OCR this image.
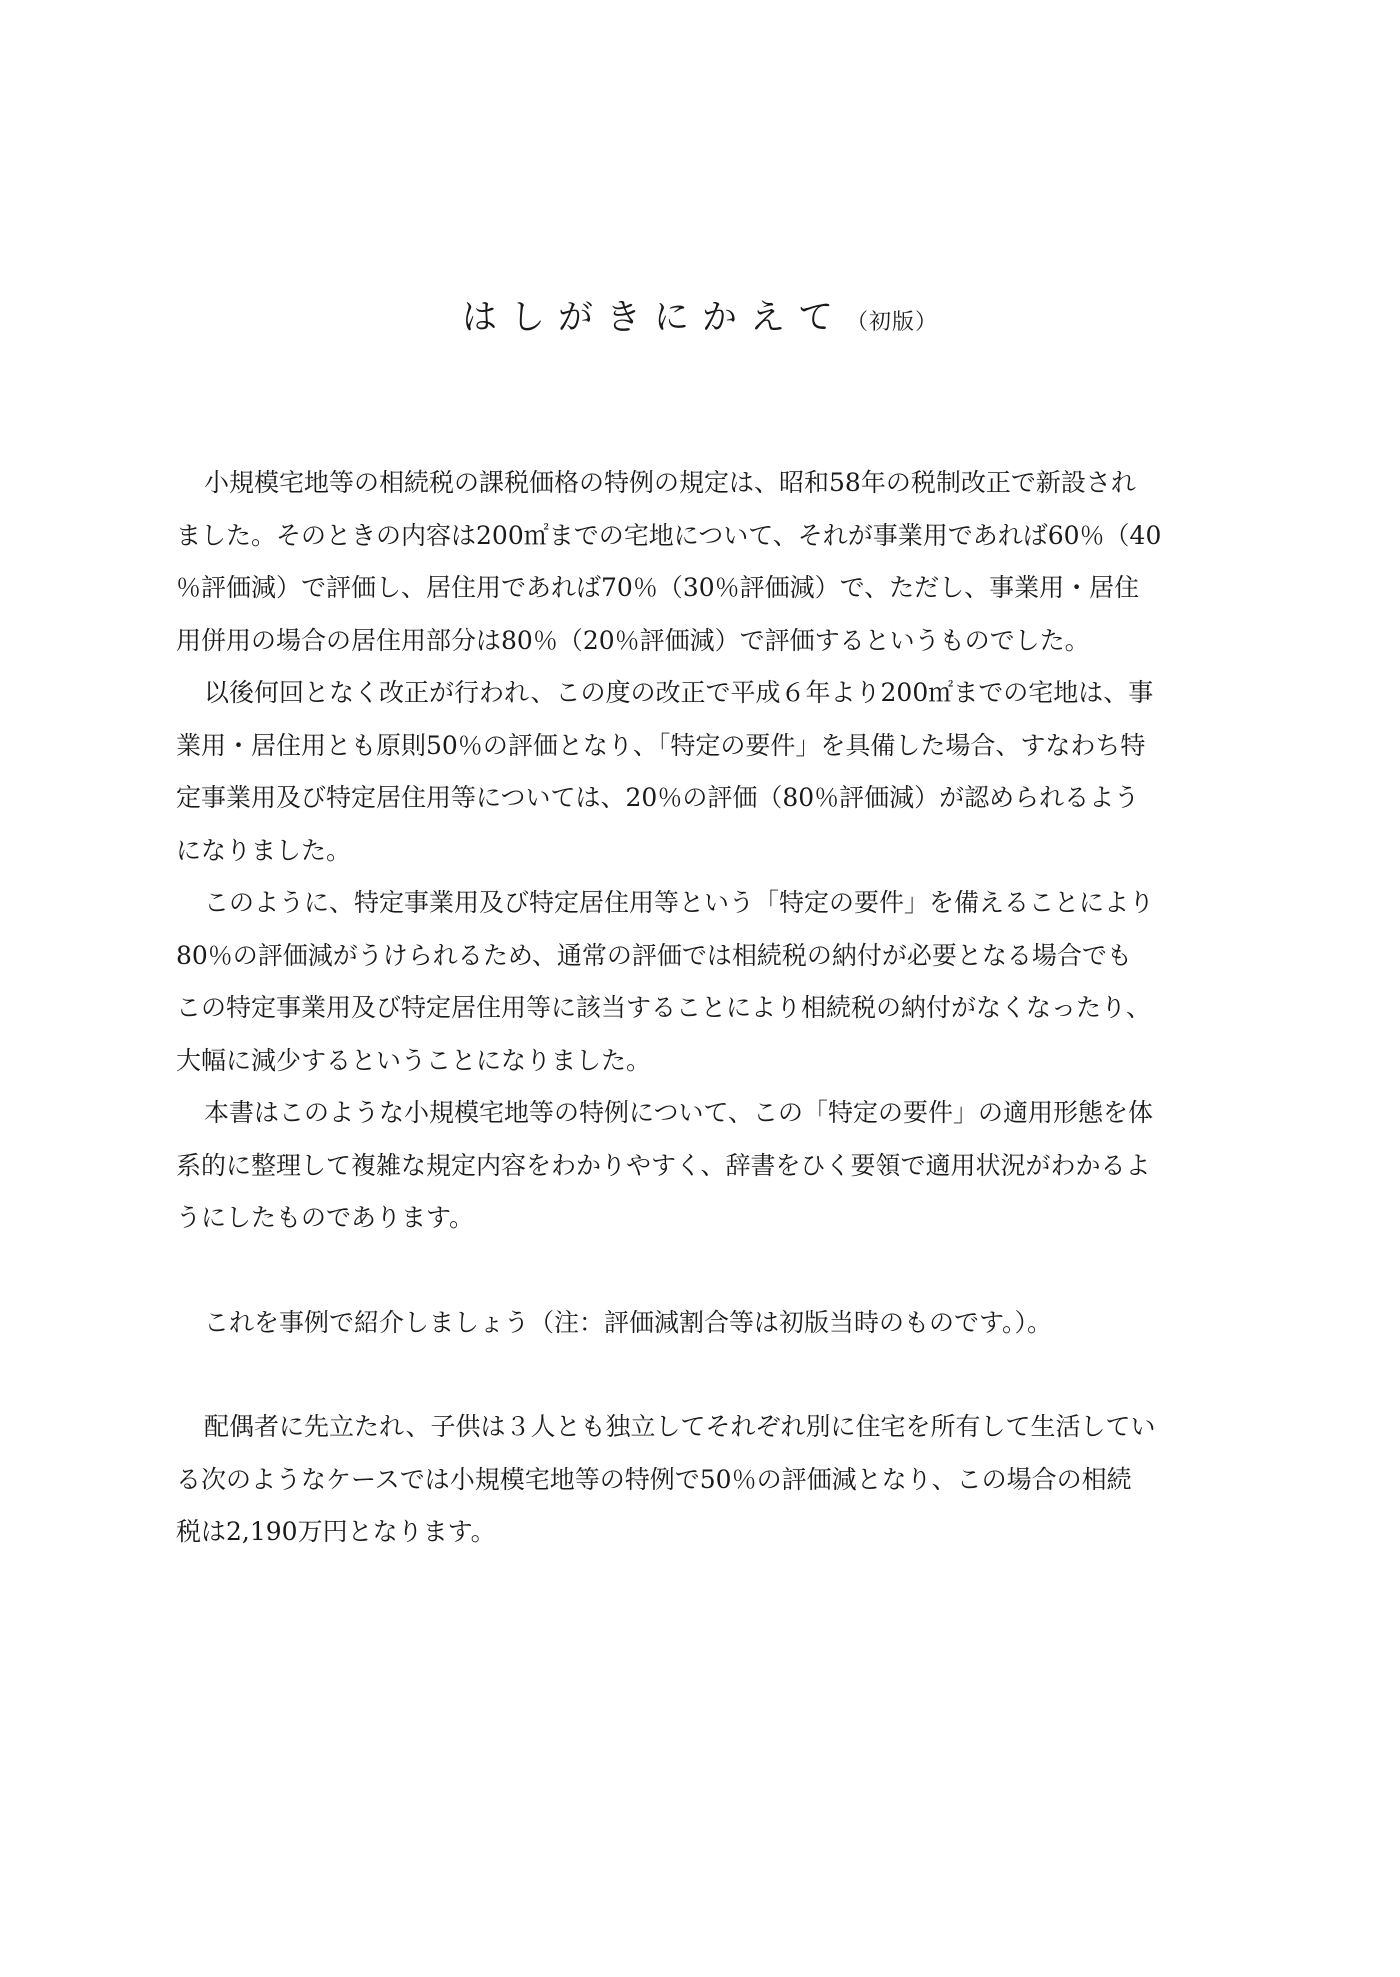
はしがきにかえて（初版）
小規模宅地等の相続税の課税価格の特例の規定は、昭和58年の税制改正で新設され
ました。そのときの内容は200㎡までの宅地について、それが事業用であれば60％（40
％評価減）で評価し、居住用であれば70％（30％評価減）で、ただし、事業用・居住
用併用の場合の居住用部分は80％（20％評価減）で評価するというものでした。
以後何回となく改正が行われ、この度の改正で平成６年より200㎡までの宅地は、事
業用・居住用とも原則50％の評価となり、「特定の要件」を具備した場合、すなわち特
定事業用及び特定居住用等については、20％の評価（80％評価減）が認められるよう
になりました。
このように、特定事業用及び特定居住用等という「特定の要件」を備えることにより
80％の評価減がうけられるため、通常の評価では相続税の納付が必要となる場合でも
この特定事業用及び特定居住用等に該当することにより相続税の納付がなくなったり、
大幅に減少するということになりました。
本書はこのような小規模宅地等の特例について、この「特定の要件」の適用形態を体
系的に整理して複雑な規定内容をわかりやすく、辞書をひく要領で適用状況がわかるよ
うにしたものであります。
これを事例で紹介しましょう（注：評価減割合等は初版当時のものです。）。
配偶者に先立たれ、子供は３人とも独立してそれぞれ別に住宅を所有して生活してい
る次のようなケースでは小規模宅地等の特例で50％の評価減となり、この場合の相続
税は2,190万円となります。
